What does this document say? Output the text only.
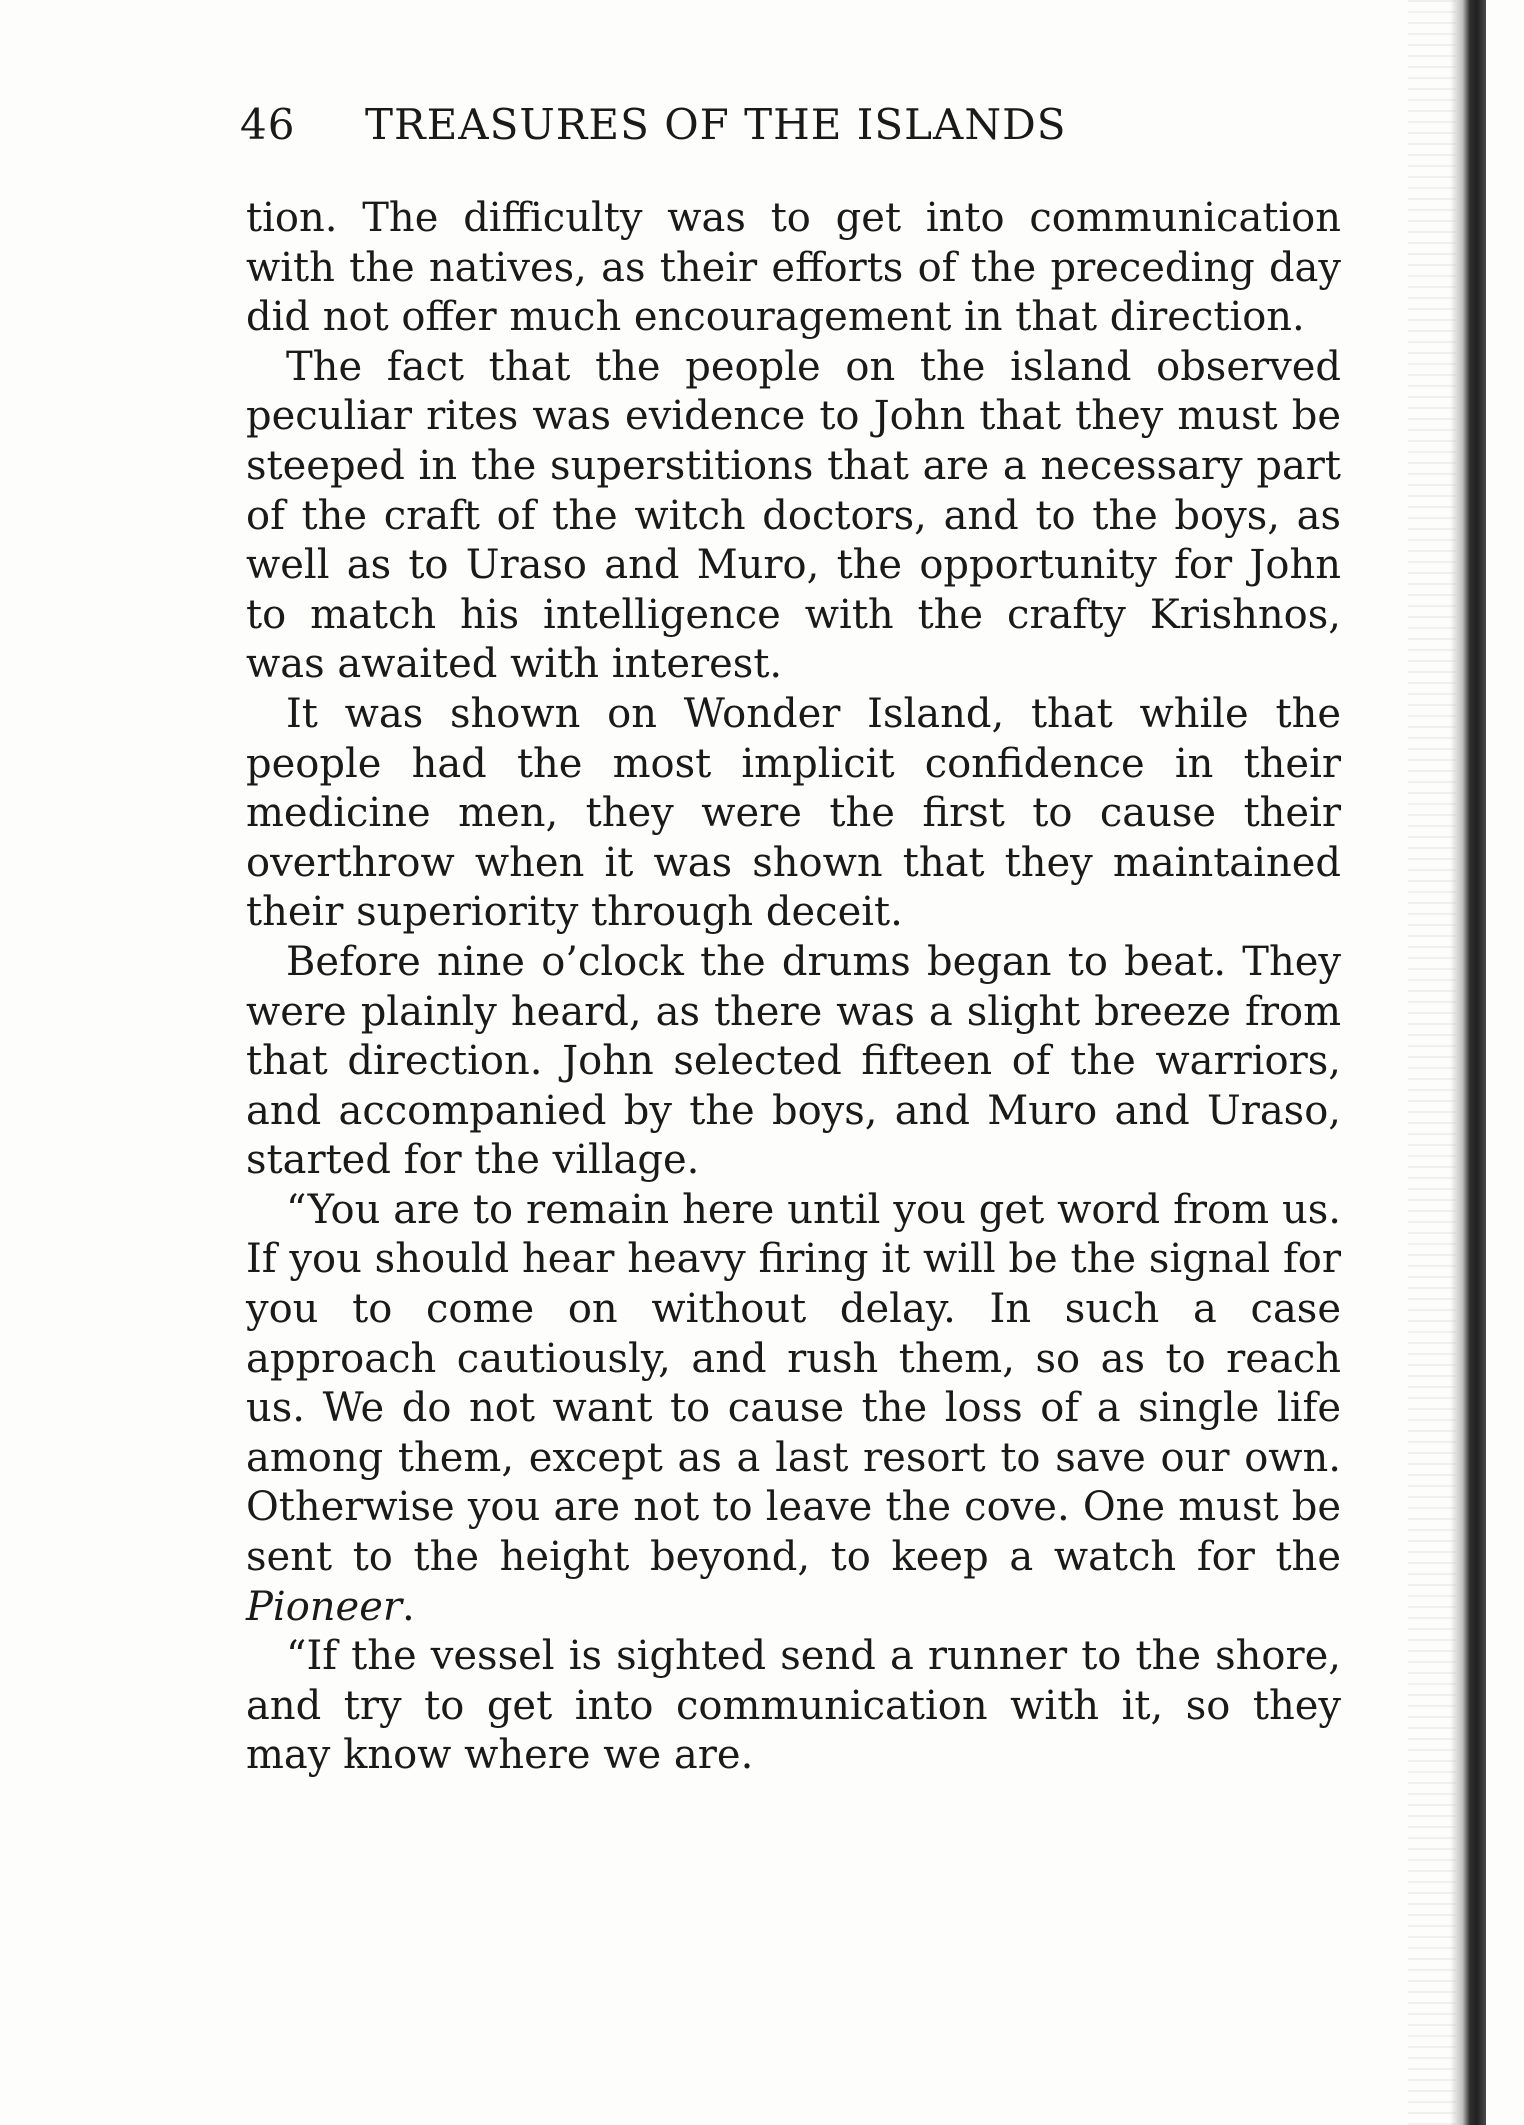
46 TREASURES OF THE ISLANDS

tion. The difficulty was to get into communication with the natives, as their efforts of the preceding day did not offer much encouragement in that direction.

The fact that the people on the island observed peculiar rites was evidence to John that they must be steeped in the superstitions that are a necessary part of the craft of the witch doctors, and to the boys, as well as to Uraso and Muro, the opportunity for John to match his intelligence with the crafty Krishnos, was awaited with interest.

It was shown on Wonder Island, that while the people had the most implicit confidence in their medicine men, they were the first to cause their overthrow when it was shown that they maintained their superiority through deceit.

Before nine o’clock the drums began to beat. They were plainly heard, as there was a slight breeze from that direction. John selected fifteen of the warriors, and accompanied by the boys, and Muro and Uraso, started for the village.

“You are to remain here until you get word from us. If you should hear heavy firing it will be the signal for you to come on without delay. In such a case approach cautiously, and rush them, so as to reach us. We do not want to cause the loss of a single life among them, except as a last resort to save our own. Otherwise you are not to leave the cove. One must be sent to the height beyond, to keep a watch for the Pioneer.

“If the vessel is sighted send a runner to the shore, and try to get into communication with it, so they may know where we are.
